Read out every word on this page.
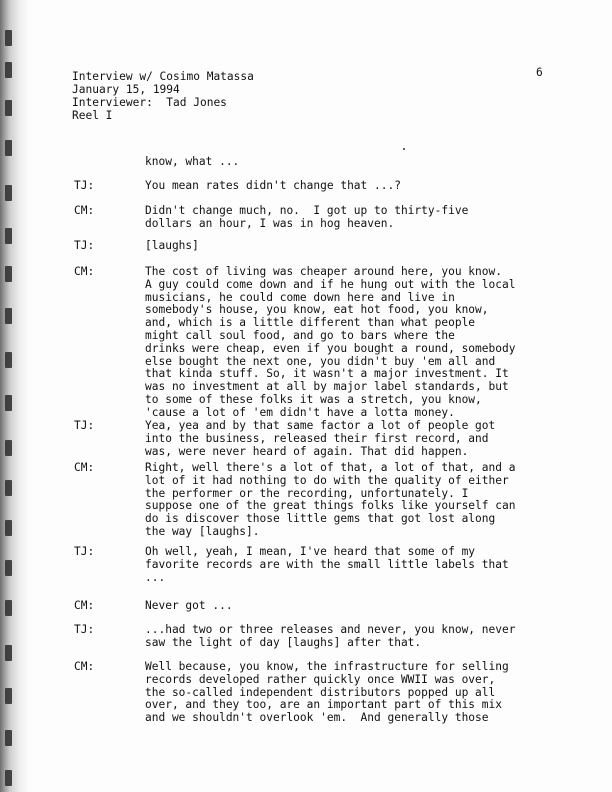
Interview w/ Cosimo Matassa
January 15, 1994
Interviewer:  Tad Jones
Reel I
6
know, what ...
TJ:	You mean rates didn't change that ...?
CM:	Didn't change much, no.  I got up to thirty-five
dollars an hour, I was in hog heaven.
TJ:	[laughs]
CM:	The cost of living was cheaper around here, you know.
A guy could come down and if he hung out with the local
musicians, he could come down here and live in
somebody's house, you know, eat hot food, you know,
and, which is a little different than what people
might call soul food, and go to bars where the
drinks were cheap, even if you bought a round, somebody
else bought the next one, you didn't buy 'em all and
that kinda stuff. So, it wasn't a major investment. It
was no investment at all by major label standards, but
to some of these folks it was a stretch, you know,
'cause a lot of 'em didn't have a lotta money.
TJ:	Yea, yea and by that same factor a lot of people got
into the business, released their first record, and
was, were never heard of again. That did happen.
CM:	Right, well there's a lot of that, a lot of that, and a
lot of it had nothing to do with the quality of either
the performer or the recording, unfortunately. I
suppose one of the great things folks like yourself can
do is discover those little gems that got lost along
the way [laughs].
TJ:	Oh well, yeah, I mean, I've heard that some of my
favorite records are with the small little labels that
...
CM:	Never got ...
TJ:	...had two or three releases and never, you know, never
saw the light of day [laughs] after that.
CM:	Well because, you know, the infrastructure for selling
records developed rather quickly once WWII was over,
the so-called independent distributors popped up all
over, and they too, are an important part of this mix
and we shouldn't overlook 'em.  And generally those
